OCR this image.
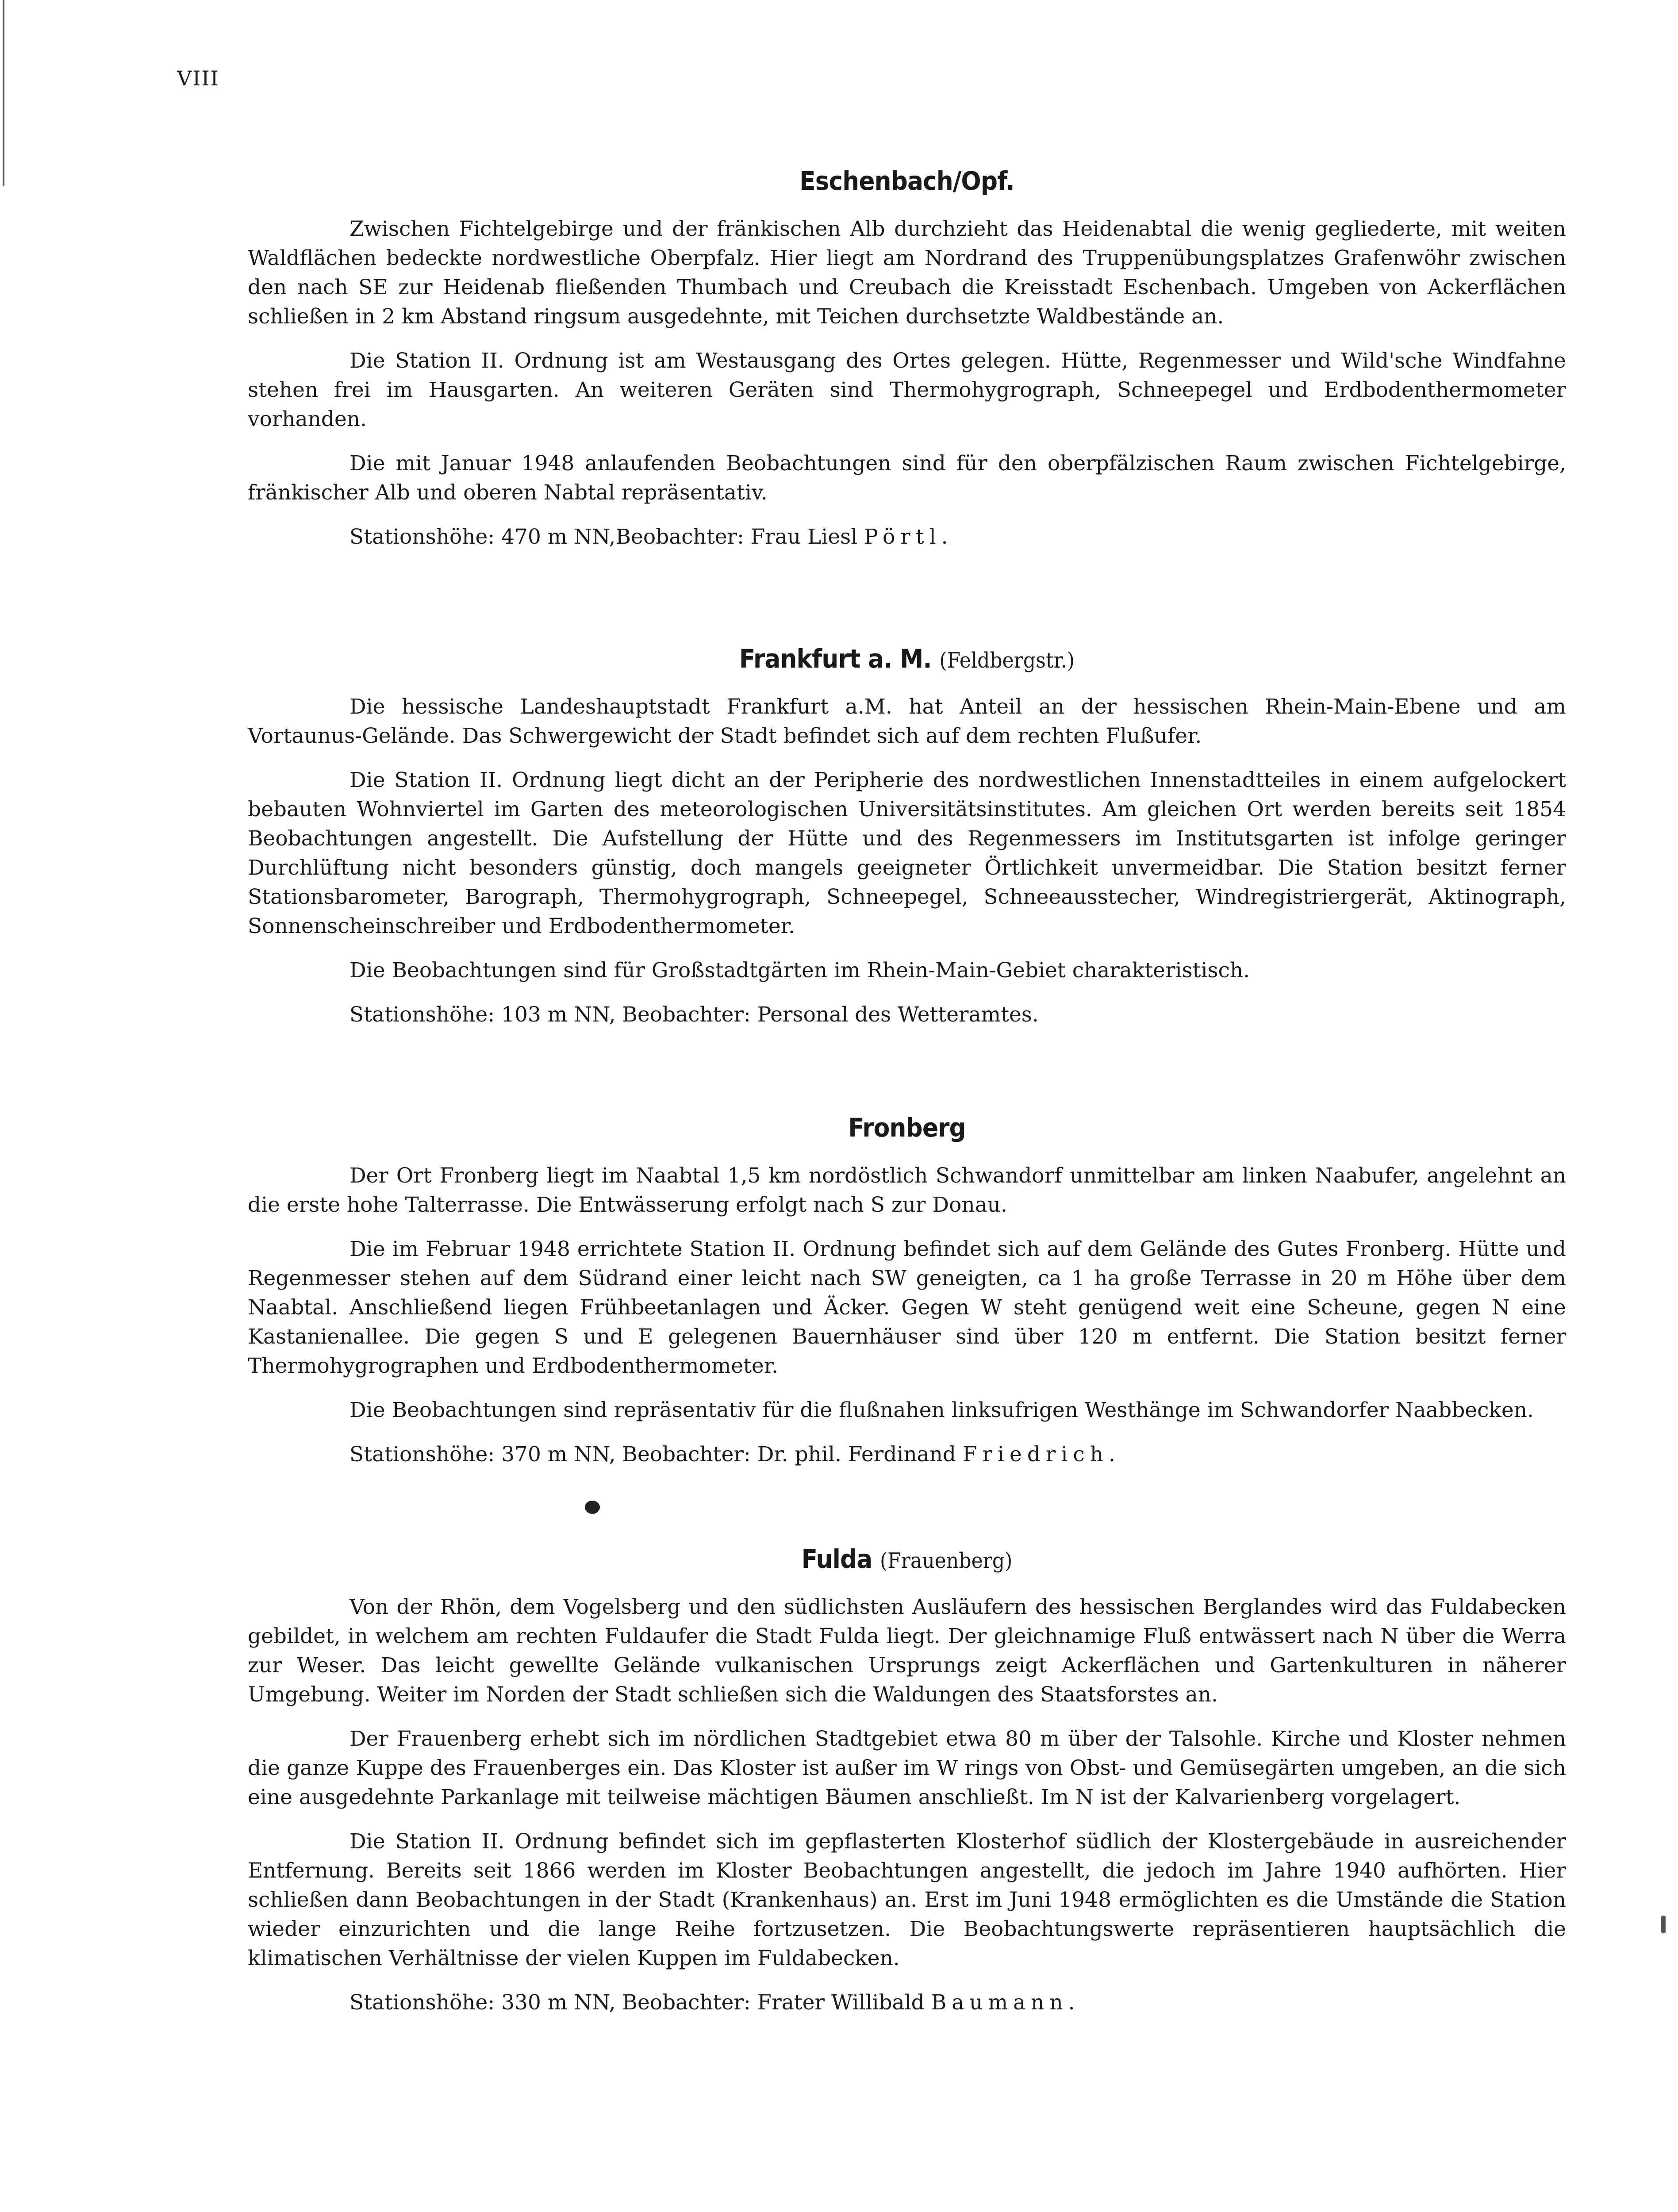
VIII
Eschenbach/Opf.

Zwischen Fichtelgebirge und der fränkischen Alb durchzieht das Heidenabtal die wenig gegliederte, mit weiten Waldflächen bedeckte nordwestliche Oberpfalz. Hier liegt am Nordrand des Truppenübungsplatzes Grafenwöhr zwischen den nach SE zur Heidenab fließenden Thumbach und Creubach die Kreisstadt Eschenbach. Umgeben von Ackerflächen schließen in 2 km Abstand ringsum ausgedehnte, mit Teichen durchsetzte Waldbestände an.

Die Station II. Ordnung ist am Westausgang des Ortes gelegen. Hütte, Regenmesser und Wild'sche Windfahne stehen frei im Hausgarten. An weiteren Geräten sind Thermohygrograph, Schneepegel und Erdbodenthermometer vorhanden.

Die mit Januar 1948 anlaufenden Beobachtungen sind für den oberpfälzischen Raum zwischen Fichtelgebirge, fränkischer Alb und oberen Nabtal repräsentativ.

Stationshöhe: 470 m NN,Beobachter: Frau Liesl Pörtl.

Frankfurt a. M. (Feldbergstr.)

Die hessische Landeshauptstadt Frankfurt a.M. hat Anteil an der hessischen Rhein-Main-Ebene und am Vortaunus-Gelände. Das Schwergewicht der Stadt befindet sich auf dem rechten Flußufer.

Die Station II. Ordnung liegt dicht an der Peripherie des nordwestlichen Innenstadtteiles in einem aufgelockert bebauten Wohnviertel im Garten des meteorologischen Universitätsinstitutes. Am gleichen Ort werden bereits seit 1854 Beobachtungen angestellt. Die Aufstellung der Hütte und des Regenmessers im Institutsgarten ist infolge geringer Durchlüftung nicht besonders günstig, doch mangels geeigneter Örtlichkeit unvermeidbar. Die Station besitzt ferner Stationsbarometer, Barograph, Thermohygrograph, Schneepegel, Schneeausstecher, Windregistriergerät, Aktinograph, Sonnenscheinschreiber und Erdbodenthermometer.

Die Beobachtungen sind für Großstadtgärten im Rhein-Main-Gebiet charakteristisch.

Stationshöhe: 103 m NN, Beobachter: Personal des Wetteramtes.

Fronberg

Der Ort Fronberg liegt im Naabtal 1,5 km nordöstlich Schwandorf unmittelbar am linken Naabufer, angelehnt an die erste hohe Talterrasse. Die Entwässerung erfolgt nach S zur Donau.

Die im Februar 1948 errichtete Station II. Ordnung befindet sich auf dem Gelände des Gutes Fronberg. Hütte und Regenmesser stehen auf dem Südrand einer leicht nach SW geneigten, ca 1 ha große Terrasse in 20 m Höhe über dem Naabtal. Anschließend liegen Frühbeetanlagen und Äcker. Gegen W steht genügend weit eine Scheune, gegen N eine Kastanienallee. Die gegen S und E gelegenen Bauernhäuser sind über 120 m entfernt. Die Station besitzt ferner Thermohygrographen und Erdbodenthermometer.

Die Beobachtungen sind repräsentativ für die flußnahen linksufrigen Westhänge im Schwandorfer Naabbecken.

Stationshöhe: 370 m NN, Beobachter: Dr. phil. Ferdinand Friedrich.

Fulda (Frauenberg)

Von der Rhön, dem Vogelsberg und den südlichsten Ausläufern des hessischen Berglandes wird das Fuldabecken gebildet, in welchem am rechten Fuldaufer die Stadt Fulda liegt. Der gleichnamige Fluß entwässert nach N über die Werra zur Weser. Das leicht gewellte Gelände vulkanischen Ursprungs zeigt Ackerflächen und Gartenkulturen in näherer Umgebung. Weiter im Norden der Stadt schließen sich die Waldungen des Staatsforstes an.

Der Frauenberg erhebt sich im nördlichen Stadtgebiet etwa 80 m über der Talsohle. Kirche und Kloster nehmen die ganze Kuppe des Frauenberges ein. Das Kloster ist außer im W rings von Obst- und Gemüsegärten umgeben, an die sich eine ausgedehnte Parkanlage mit teilweise mächtigen Bäumen anschließt. Im N ist der Kalvarienberg vorgelagert.

Die Station II. Ordnung befindet sich im gepflasterten Klosterhof südlich der Klostergebäude in ausreichender Entfernung. Bereits seit 1866 werden im Kloster Beobachtungen angestellt, die jedoch im Jahre 1940 aufhörten. Hier schließen dann Beobachtungen in der Stadt (Krankenhaus) an. Erst im Juni 1948 ermöglichten es die Umstände die Station wieder einzurichten und die lange Reihe fortzusetzen. Die Beobachtungswerte repräsentieren hauptsächlich die klimatischen Verhältnisse der vielen Kuppen im Fuldabecken.

Stationshöhe: 330 m NN, Beobachter: Frater Willibald Baumann.
